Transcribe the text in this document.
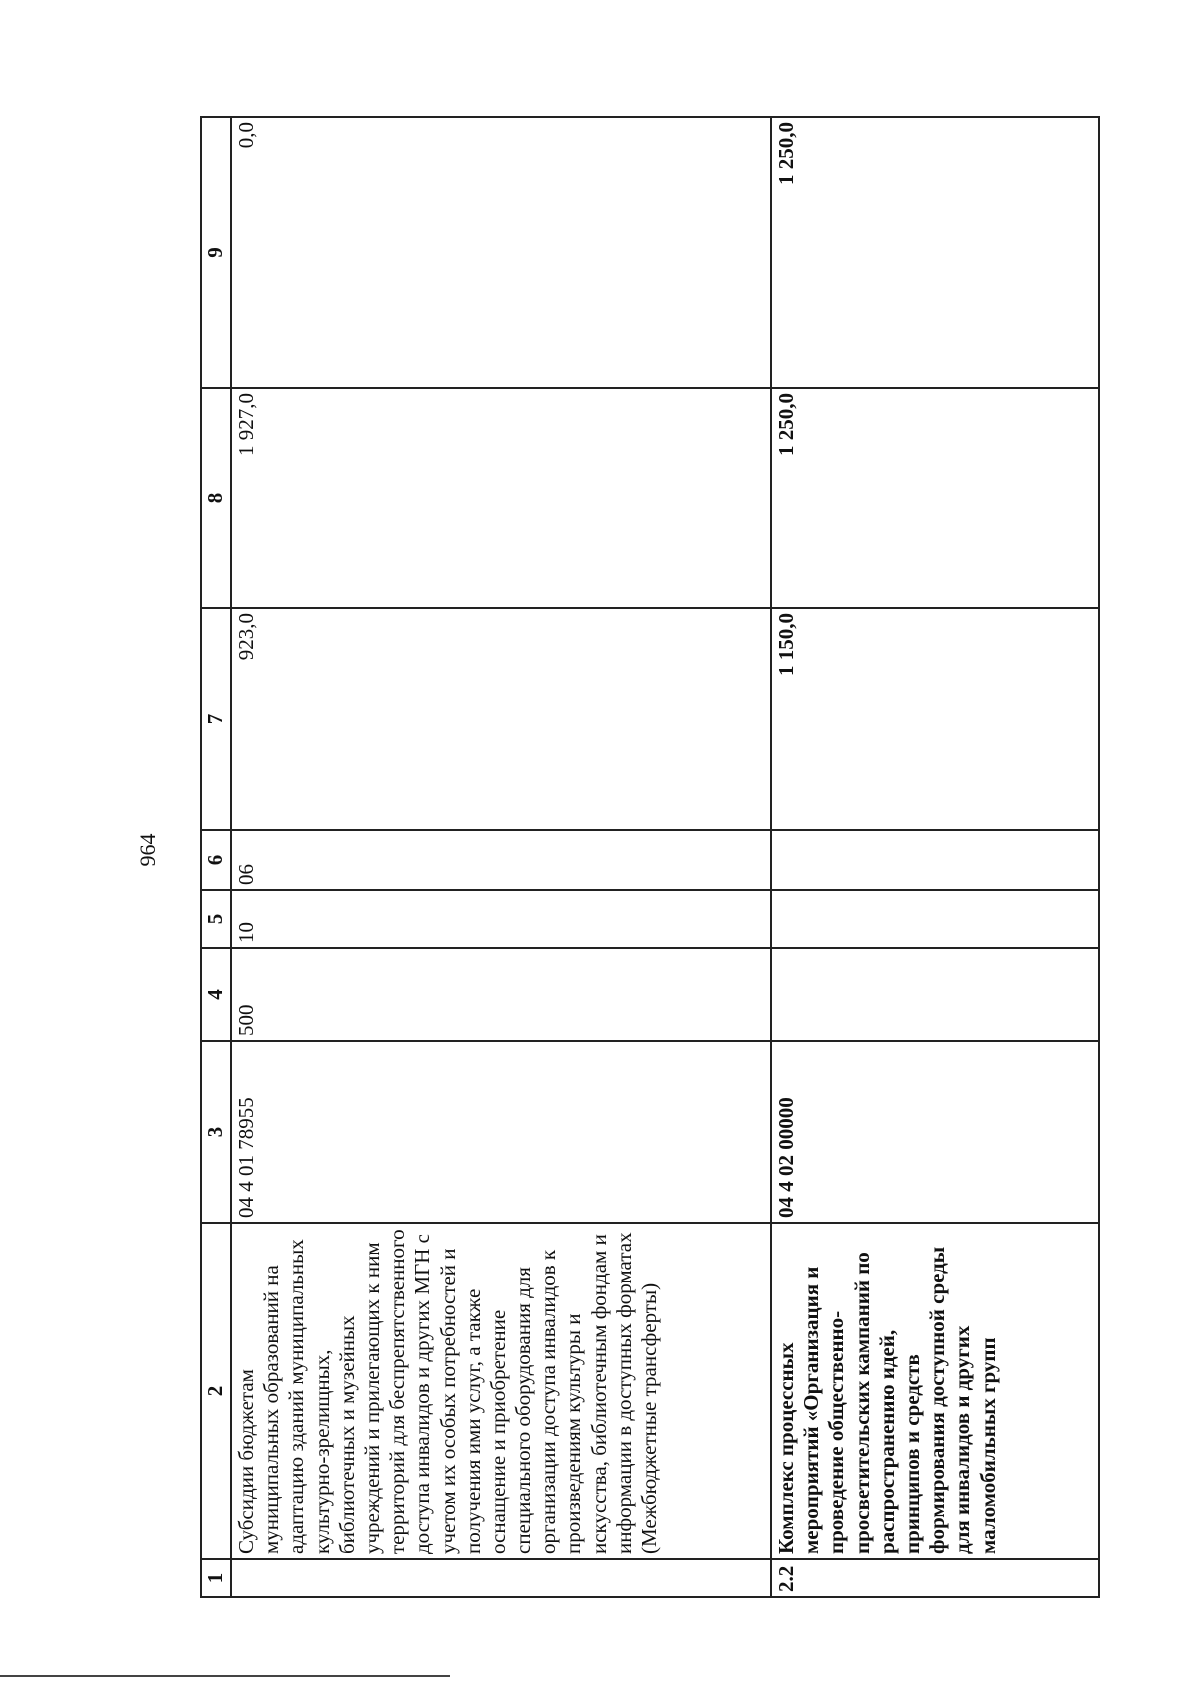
964
1	2	3	4	5	6	7	8	9
	Субсидии бюджетам муниципальных образований на адаптацию зданий муниципальных культурно-зрелищных, библиотечных и музейных учреждений и прилегающих к ним территорий для беспрепятственного доступа инвалидов и других МГН с учетом их особых потребностей и получения ими услуг, а также оснащение и приобретение специального оборудования для организации доступа инвалидов к произведениям культуры и искусства, библиотечным фондам и информации в доступных форматах (Межбюджетные трансферты)	04 4 01 78955	500	10	06	923,0	1 927,0	0,0
2.2	Комплекс процессных мероприятий «Организация и проведение общественно-просветительских кампаний по распространению идей, принципов и средств формирования доступной среды для инвалидов и других маломобильных групп	04 4 02 00000				1 150,0	1 250,0	1 250,0
